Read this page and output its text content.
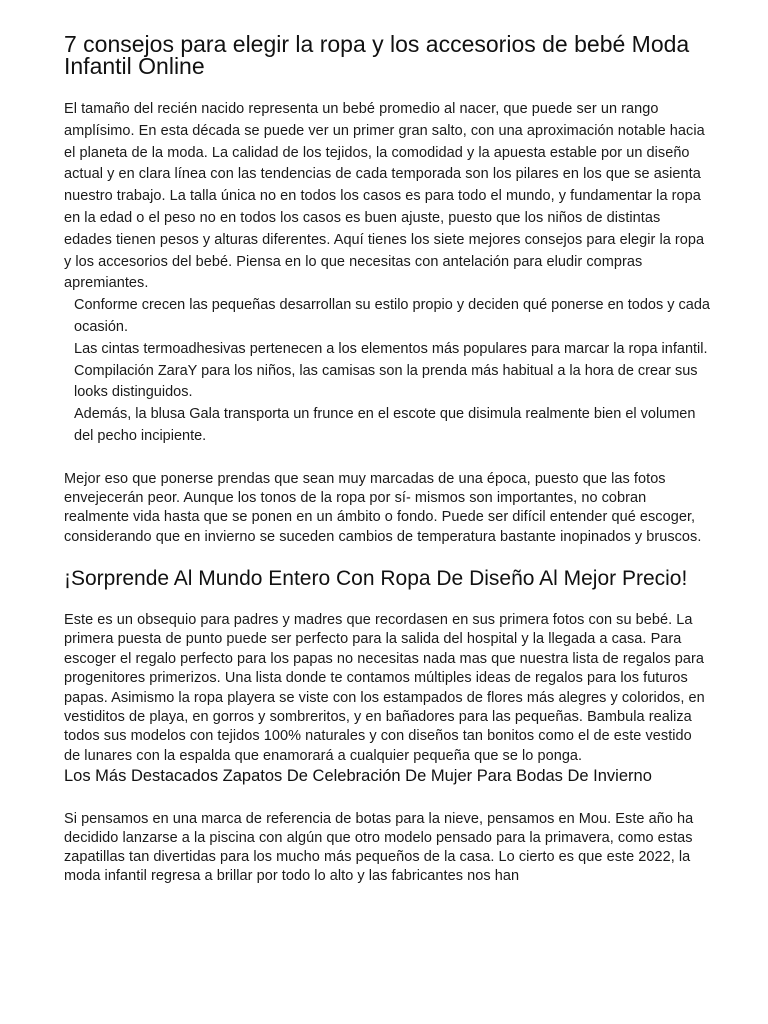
7 consejos para elegir la ropa y los accesorios de bebé Moda Infantil Online

El tamaño del recién nacido representa un bebé promedio al nacer, que puede ser un rango amplísimo. En esta década se puede ver un primer gran salto, con una aproximación notable hacia el planeta de la moda. La calidad de los tejidos, la comodidad y la apuesta estable por un diseño actual y en clara línea con las tendencias de cada temporada son los pilares en los que se asienta nuestro trabajo. La talla única no en todos los casos es para todo el mundo, y fundamentar la ropa en la edad o el peso no en todos los casos es buen ajuste, puesto que los niños de distintas edades tienen pesos y alturas diferentes. Aquí tienes los siete mejores consejos para elegir la ropa y los accesorios del bebé. Piensa en lo que necesitas con antelación para eludir compras apremiantes.

Conforme crecen las pequeñas desarrollan su estilo propio y deciden qué ponerse en todos y cada ocasión.
Las cintas termoadhesivas pertenecen a los elementos más populares para marcar la ropa infantil.
Compilación ZaraY para los niños, las camisas son la prenda más habitual a la hora de crear sus looks distinguidos.
Además, la blusa Gala transporta un frunce en el escote que disimula realmente bien el volumen del pecho incipiente.

Mejor eso que ponerse prendas que sean muy marcadas de una época, puesto que las fotos envejecerán peor. Aunque los tonos de la ropa por sí- mismos son importantes, no cobran realmente vida hasta que se ponen en un ámbito o fondo. Puede ser difícil entender qué escoger, considerando que en invierno se suceden cambios de temperatura bastante inopinados y bruscos.

¡Sorprende Al Mundo Entero Con Ropa De Diseño Al Mejor Precio!

Este es un obsequio para padres y madres que recordasen en sus primera fotos con su bebé. La primera puesta de punto puede ser perfecto para la salida del hospital y la llegada a casa. Para escoger el regalo perfecto para los papas no necesitas nada mas que nuestra lista de regalos para progenitores primerizos. Una lista donde te contamos múltiples ideas de regalos para los futuros papas. Asimismo la ropa playera se viste con los estampados de flores más alegres y coloridos, en vestiditos de playa, en gorros y sombreritos, y en bañadores para las pequeñas. Bambula realiza todos sus modelos con tejidos 100% naturales y con diseños tan bonitos como el de este vestido de lunares con la espalda que enamorará a cualquier pequeña que se lo ponga.

Los Más Destacados Zapatos De Celebración De Mujer Para Bodas De Invierno

Si pensamos en una marca de referencia de botas para la nieve, pensamos en Mou. Este año ha decidido lanzarse a la piscina con algún que otro modelo pensado para la primavera, como estas zapatillas tan divertidas para los mucho más pequeños de la casa. Lo cierto es que este 2022, la moda infantil regresa a brillar por todo lo alto y las fabricantes nos han
